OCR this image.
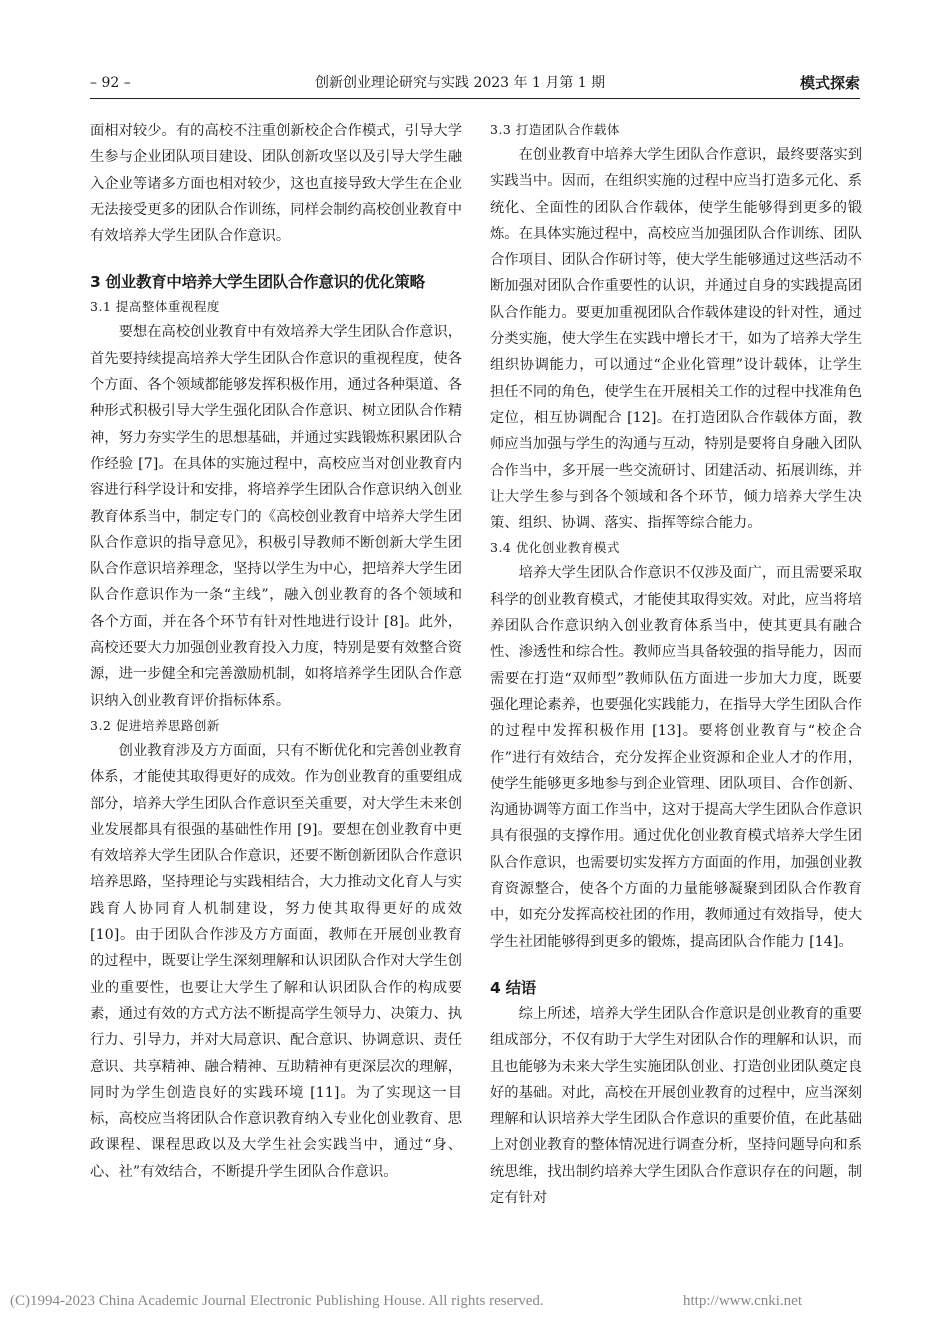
– 92 –	创新创业理论研究与实践 2023 年 1 月第 1 期	模式探索

面相对较少。有的高校不注重创新校企合作模式，引导大学生参与企业团队项目建设、团队创新攻坚以及引导大学生融入企业等诸多方面也相对较少，这也直接导致大学生在企业无法接受更多的团队合作训练，同样会制约高校创业教育中有效培养大学生团队合作意识。

3 创业教育中培养大学生团队合作意识的优化策略
3.1 提高整体重视程度

要想在高校创业教育中有效培养大学生团队合作意识，首先要持续提高培养大学生团队合作意识的重视程度，使各个方面、各个领域都能够发挥积极作用，通过各种渠道、各种形式积极引导大学生强化团队合作意识、树立团队合作精神，努力夯实学生的思想基础，并通过实践锻炼积累团队合作经验 [7]。在具体的实施过程中，高校应当对创业教育内容进行科学设计和安排，将培养学生团队合作意识纳入创业教育体系当中，制定专门的《高校创业教育中培养大学生团队合作意识的指导意见》，积极引导教师不断创新大学生团队合作意识培养理念，坚持以学生为中心，把培养大学生团队合作意识作为一条“主线”，融入创业教育的各个领域和各个方面，并在各个环节有针对性地进行设计 [8]。此外，高校还要大力加强创业教育投入力度，特别是要有效整合资源，进一步健全和完善激励机制，如将培养学生团队合作意识纳入创业教育评价指标体系。

3.2 促进培养思路创新

创业教育涉及方方面面，只有不断优化和完善创业教育体系，才能使其取得更好的成效。作为创业教育的重要组成部分，培养大学生团队合作意识至关重要，对大学生未来创业发展都具有很强的基础性作用 [9]。要想在创业教育中更有效培养大学生团队合作意识，还要不断创新团队合作意识培养思路，坚持理论与实践相结合，大力推动文化育人与实践育人协同育人机制建设，努力使其取得更好的成效 [10]。由于团队合作涉及方方面面，教师在开展创业教育的过程中，既要让学生深刻理解和认识团队合作对大学生创业的重要性，也要让大学生了解和认识团队合作的构成要素，通过有效的方式方法不断提高学生领导力、决策力、执行力、引导力，并对大局意识、配合意识、协调意识、责任意识、共享精神、融合精神、互助精神有更深层次的理解，同时为学生创造良好的实践环境 [11]。为了实现这一目标，高校应当将团队合作意识教育纳入专业化创业教育、思政课程、课程思政以及大学生社会实践当中，通过“身、心、社”有效结合，不断提升学生团队合作意识。

3.3 打造团队合作载体

在创业教育中培养大学生团队合作意识，最终要落实到实践当中。因而，在组织实施的过程中应当打造多元化、系统化、全面性的团队合作载体，使学生能够得到更多的锻炼。在具体实施过程中，高校应当加强团队合作训练、团队合作项目、团队合作研讨等，使大学生能够通过这些活动不断加强对团队合作重要性的认识，并通过自身的实践提高团队合作能力。要更加重视团队合作载体建设的针对性，通过分类实施，使大学生在实践中增长才干，如为了培养大学生组织协调能力，可以通过“企业化管理”设计载体，让学生担任不同的角色，使学生在开展相关工作的过程中找准角色定位，相互协调配合 [12]。在打造团队合作载体方面，教师应当加强与学生的沟通与互动，特别是要将自身融入团队合作当中，多开展一些交流研讨、团建活动、拓展训练，并让大学生参与到各个领域和各个环节，倾力培养大学生决策、组织、协调、落实、指挥等综合能力。

3.4 优化创业教育模式

培养大学生团队合作意识不仅涉及面广，而且需要采取科学的创业教育模式，才能使其取得实效。对此，应当将培养团队合作意识纳入创业教育体系当中，使其更具有融合性、渗透性和综合性。教师应当具备较强的指导能力，因而需要在打造“双师型”教师队伍方面进一步加大力度，既要强化理论素养，也要强化实践能力，在指导大学生团队合作的过程中发挥积极作用 [13]。要将创业教育与“校企合作”进行有效结合，充分发挥企业资源和企业人才的作用，使学生能够更多地参与到企业管理、团队项目、合作创新、沟通协调等方面工作当中，这对于提高大学生团队合作意识具有很强的支撑作用。通过优化创业教育模式培养大学生团队合作意识，也需要切实发挥方方面面的作用，加强创业教育资源整合，使各个方面的力量能够凝聚到团队合作教育中，如充分发挥高校社团的作用，教师通过有效指导，使大学生社团能够得到更多的锻炼，提高团队合作能力 [14]。

4 结语

综上所述，培养大学生团队合作意识是创业教育的重要组成部分，不仅有助于大学生对团队合作的理解和认识，而且也能够为未来大学生实施团队创业、打造创业团队奠定良好的基础。对此，高校在开展创业教育的过程中，应当深刻理解和认识培养大学生团队合作意识的重要价值，在此基础上对创业教育的整体情况进行调查分析，坚持问题导向和系统思维，找出制约培养大学生团队合作意识存在的问题，制定有针对

(C)1994-2023 China Academic Journal Electronic Publishing House. All rights reserved.	http://www.cnki.net
